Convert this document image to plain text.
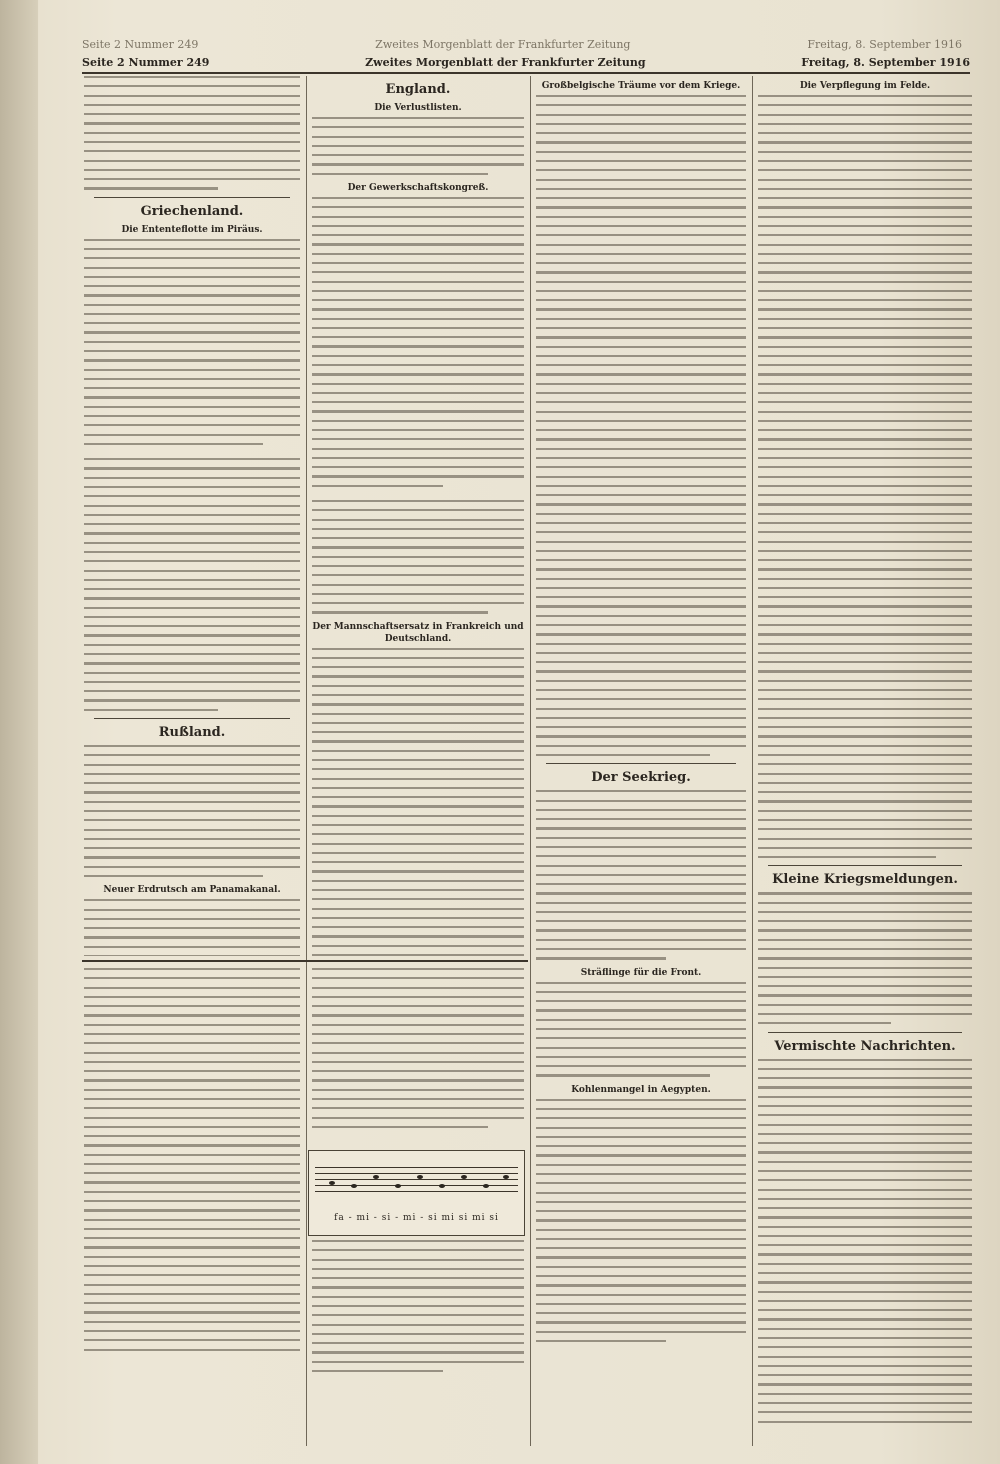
Seite 2 Nummer 249	Zweites Morgenblatt der Frankfurter Zeitung	Freitag, 8. September 1916
Seite 2 Nummer 249	Zweites Morgenblatt der Frankfurter Zeitung	Freitag, 8. September 1916
Griechenland.
Die Ententeflotte im Piräus.
Rußland.
Neuer Erdrutsch am Panamakanal.
England.
Die Verlustlisten.
Der Gewerkschaftskongreß.
Der Mannschaftsersatz in Frankreich und Deutschland.
Großbelgische Träume vor dem Kriege.
Der Seekrieg.
Sträflinge für die Front.
Kohlenmangel in Aegypten.
Die Verpflegung im Felde.
Kleine Kriegsmeldungen.
Vermischte Nachrichten.
fa - mi - si - mi - si mi si mi si
